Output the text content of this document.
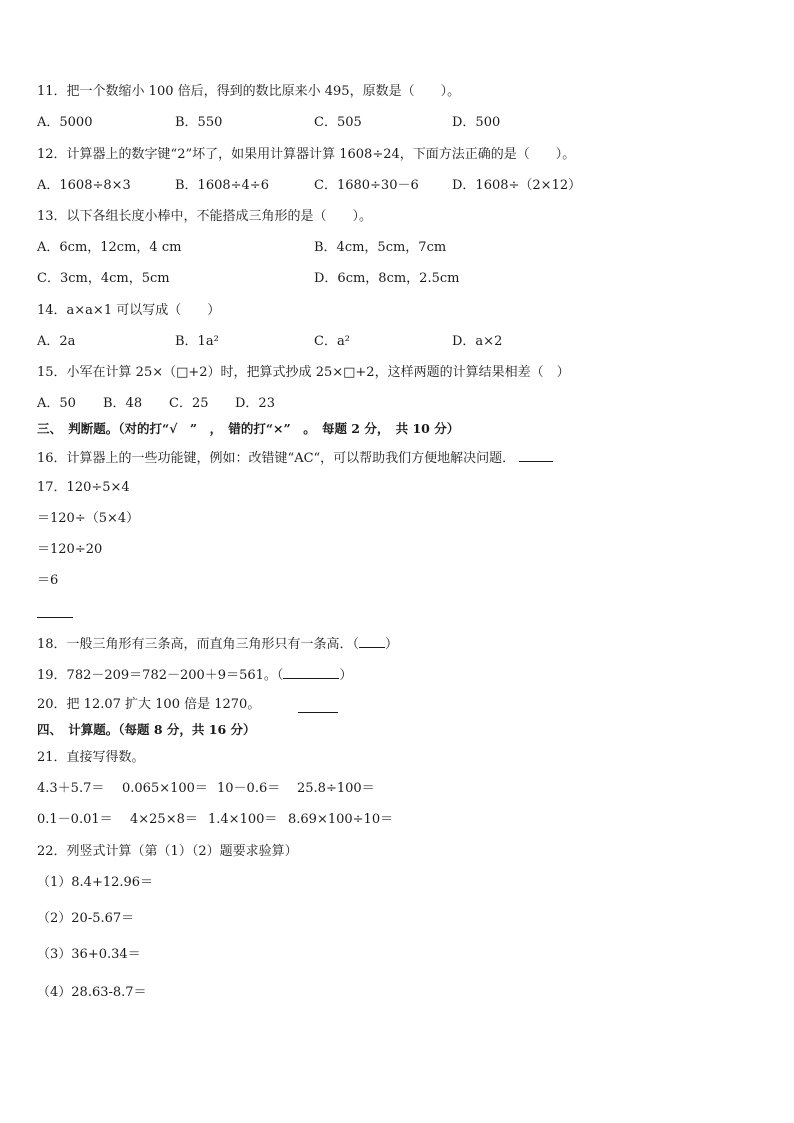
11．把一个数缩小 100 倍后，得到的数比原来小 495，原数是（　　）。
A．5000	B．550	C．505	D．500
12．计算器上的数字键“2”坏了，如果用计算器计算 1608÷24，下面方法正确的是（　　）。
A．1608÷8×3	B．1608÷4÷6	C．1680÷30－6	D．1608÷（2×12）
13．以下各组长度小棒中，不能搭成三角形的是（　　）。
A．6cm，12cm，4 cm	B．4cm，5cm，7cm
C．3cm，4cm，5cm	D．6cm，8cm，2.5cm
14．a×a×1 可以写成（　　）
A．2a	B．1a²	C．a²	D．a×2
15．小军在计算 25×（□+2）时，把算式抄成 25×□+2，这样两题的计算结果相差（　）
A．50 B．48 C．25 D．23
三、　判断题。（对的打“√　”　，　错的打“×”　。　每题 2 分，　共 10 分）
16．计算器上的一些功能键，例如：改错键“AC“，可以帮助我们方便地解决问题．
17．120÷5×4
＝120÷（5×4）
＝120÷20
＝6
18．一般三角形有三条高，而直角三角形只有一条高．（ ）
19．782－209＝782－200＋9＝561。（	）
20．把 12.07 扩大 100 倍是 1270。
四、　计算题。（每题 8 分，共 16 分）
21．直接写得数。
4.3＋5.7＝ 0.065×100＝ 10－0.6＝ 25.8÷100＝
0.1－0.01＝ 4×25×8＝ 1.4×100＝ 8.69×100÷10＝
22．列竖式计算（第（1）（2）题要求验算）
（1）8.4+12.96＝
（2）20-5.67＝
（3）36+0.34＝
（4）28.63-8.7＝
